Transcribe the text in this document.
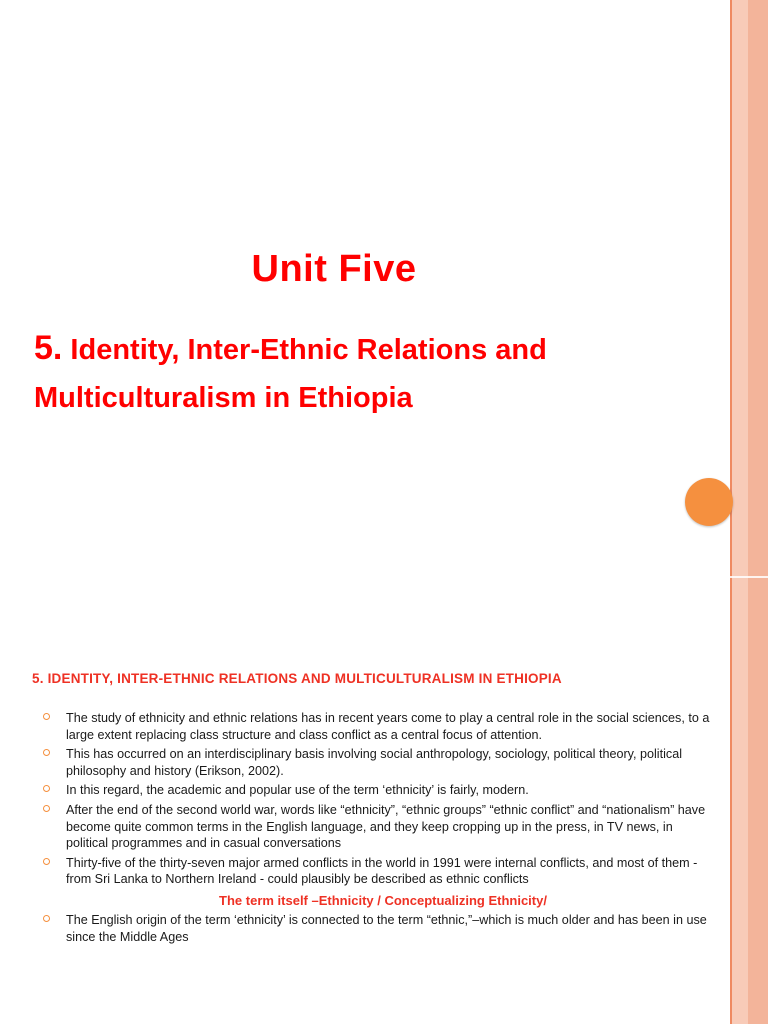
Unit Five
5. Identity, Inter-Ethnic Relations and Multiculturalism in Ethiopia
5. IDENTITY, INTER-ETHNIC RELATIONS AND MULTICULTURALISM IN ETHIOPIA
The study of ethnicity and ethnic relations has in recent years come to play a central role in the social sciences, to a large extent replacing class structure and class conflict as a central focus of attention.
This has occurred on an interdisciplinary basis involving social anthropology, sociology, political theory, political philosophy and history (Erikson, 2002).
In this regard, the academic and popular use of the term ‘ethnicity’ is fairly, modern.
After the end of the second world war, words like “ethnicity”, “ethnic groups” “ethnic conflict” and “nationalism” have become quite common terms in the English language, and they keep cropping up in the press, in TV news, in political programmes and in casual conversations
Thirty-five of the thirty-seven major armed conflicts in the world in 1991 were internal conflicts, and most of them - from Sri Lanka to Northern Ireland - could plausibly be described as ethnic conflicts
The term itself –Ethnicity / Conceptualizing Ethnicity/
The English origin of the term ‘ethnicity’ is connected to the term “ethnic,”–which is much older and has been in use since the Middle Ages
